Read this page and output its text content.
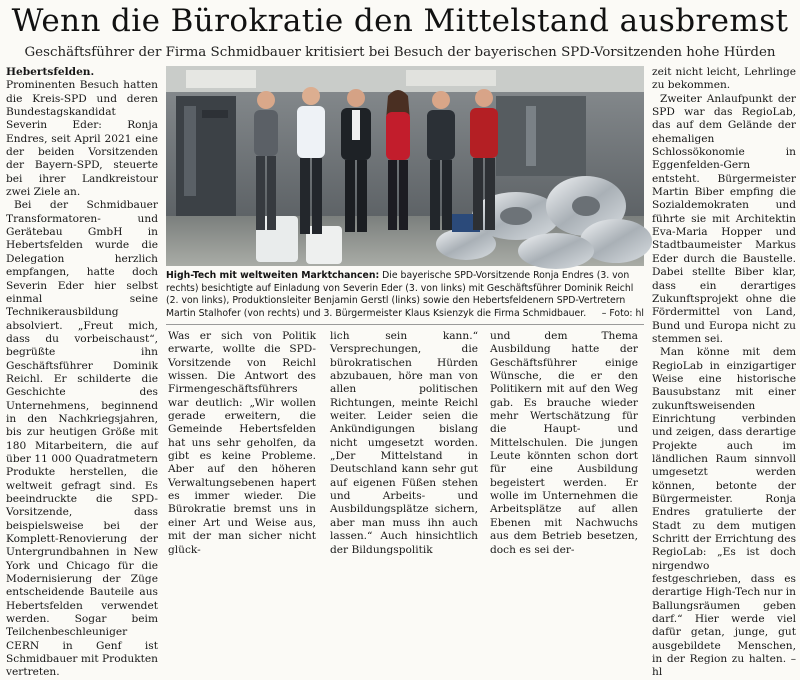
Wenn die Bürokratie den Mittelstand ausbremst
Geschäftsführer der Firma Schmidbauer kritisiert bei Besuch der bayerischen SPD-Vorsitzenden hohe Hürden

Hebertsfelden. Prominenten Besuch hatten die Kreis-SPD und deren Bundestagskandidat Severin Eder: Ronja Endres, seit April 2021 eine der beiden Vorsitzenden der Bayern-SPD, steuerte bei ihrer Landkreistour zwei Ziele an.

Bei der Schmidbauer Transformatoren- und Gerätebau GmbH in Hebertsfelden wurde die Delegation herzlich empfangen, hatte doch Severin Eder hier selbst einmal seine Technikerausbildung absolviert. „Freut mich, dass du vorbeischaust“, begrüßte ihn Geschäftsführer Dominik Reichl. Er schilderte die Geschichte des Unternehmens, beginnend in den Nachkriegsjahren, bis zur heutigen Größe mit 180 Mitarbeitern, die auf über 11 000 Quadratmetern Produkte herstellen, die weltweit gefragt sind. Es beeindruckte die SPD-Vorsitzende, dass beispielsweise bei der Komplett-Renovierung der Untergrundbahnen in New York und Chicago für die Modernisierung der Züge entscheidende Bauteile aus Hebertsfelden verwendet werden. Sogar beim Teilchenbeschleuniger CERN in Genf ist Schmidbauer mit Produkten vertreten.

High-Tech mit weltweiten Marktchancen: Die bayerische SPD-Vorsitzende Ronja Endres (3. von rechts) besichtigte auf Einladung von Severin Eder (3. von links) mit Geschäftsführer Dominik Reichl (2. von links), Produktionsleiter Benjamin Gerstl (links) sowie den Hebertsfeldenern SPD-Vertretern Martin Stalhofer (von rechts) und 3. Bürgermeister Klaus Ksienzyk die Firma Schmidbauer. – Foto: hl

Was er sich von Politik erwarte, wollte die SPD-Vorsitzende von Reichl wissen. Die Antwort des Firmengeschäftsführers war deutlich: „Wir wollen gerade erweitern, die Gemeinde Hebertsfelden hat uns sehr geholfen, da gibt es keine Probleme. Aber auf den höheren Verwaltungsebenen hapert es immer wieder. Die Bürokratie bremst uns in einer Art und Weise aus, mit der man sicher nicht glück-

lich sein kann.“ Versprechungen, die bürokratischen Hürden abzubauen, höre man von allen politischen Richtungen, meinte Reichl weiter. Leider seien die Ankündigungen bislang nicht umgesetzt worden. „Der Mittelstand in Deutschland kann sehr gut auf eigenen Füßen stehen und Arbeits- und Ausbildungsplätze sichern, aber man muss ihn auch lassen.“ Auch hinsichtlich der Bildungspolitik

und dem Thema Ausbildung hatte der Geschäftsführer einige Wünsche, die er den Politikern mit auf den Weg gab. Es brauche wieder mehr Wertschätzung für die Haupt- und Mittelschulen. Die jungen Leute könnten schon dort für eine Ausbildung begeistert werden. Er wolle im Unternehmen die Arbeitsplätze auf allen Ebenen mit Nachwuchs aus dem Betrieb besetzen, doch es sei der-

zeit nicht leicht, Lehrlinge zu bekommen.

Zweiter Anlaufpunkt der SPD war das RegioLab, das auf dem Gelände der ehemaligen Schlossökonomie in Eggenfelden-Gern entsteht. Bürgermeister Martin Biber empfing die Sozialdemokraten und führte sie mit Architektin Eva-Maria Hopper und Stadtbaumeister Markus Eder durch die Baustelle. Dabei stellte Biber klar, dass ein derartiges Zukunftsprojekt ohne die Fördermittel von Land, Bund und Europa nicht zu stemmen sei.

Man könne mit dem RegioLab in einzigartiger Weise eine historische Bausubstanz mit einer zukunftsweisenden Einrichtung verbinden und zeigen, dass derartige Projekte auch im ländlichen Raum sinnvoll umgesetzt werden können, betonte der Bürgermeister. Ronja Endres gratulierte der Stadt zu dem mutigen Schritt der Errichtung des RegioLab: „Es ist doch nirgendwo festgeschrieben, dass es derartige High-Tech nur in Ballungsräumen geben darf.“ Hier werde viel dafür getan, junge, gut ausgebildete Menschen, in der Region zu halten. – hl
